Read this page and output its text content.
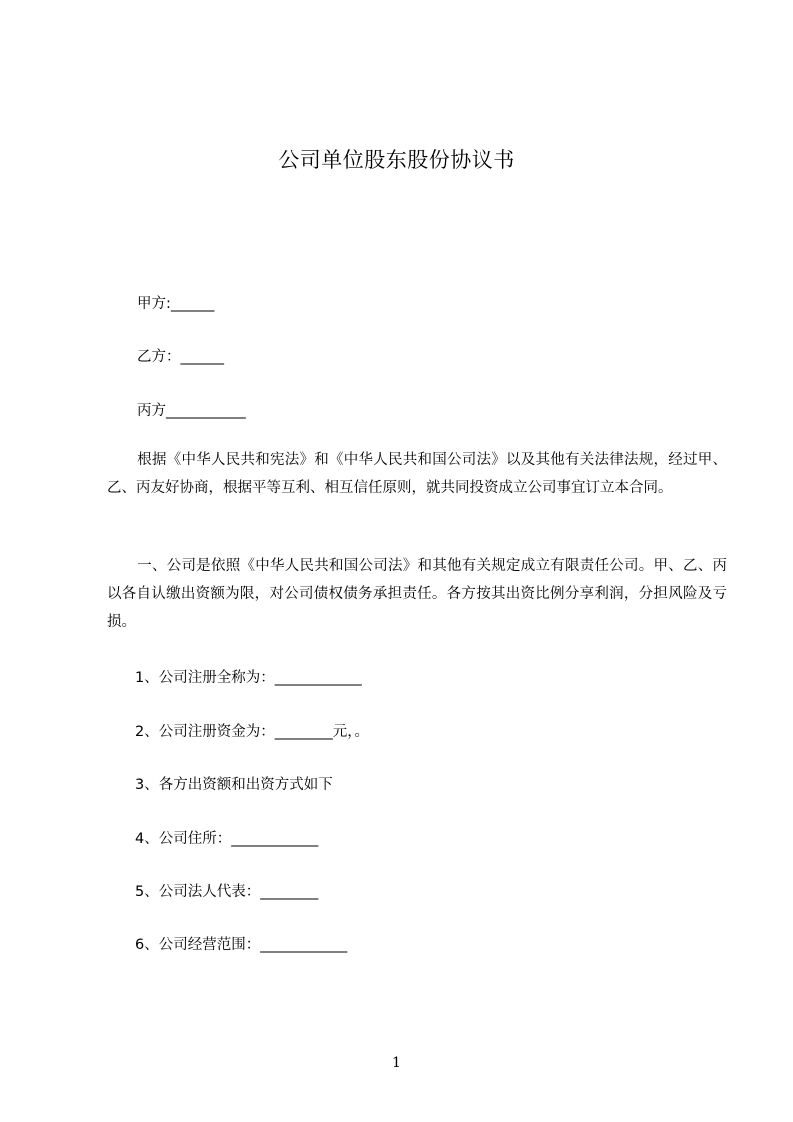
公司单位股东股份协议书
甲方:______
乙方：______
丙方___________
根据《中华人民共和宪法》和《中华人民共和国公司法》以及其他有关法律法规，经过甲、乙、丙友好协商，根据平等互利、相互信任原则，就共同投资成立公司事宜订立本合同。
一、公司是依照《中华人民共和国公司法》和其他有关规定成立有限责任公司。甲、乙、丙以各自认缴出资额为限，对公司债权债务承担责任。各方按其出资比例分享利润，分担风险及亏损。
1、公司注册全称为：____________
2、公司注册资金为：________元，。
3、各方出资额和出资方式如下
4、公司住所：____________
5、公司法人代表：________
6、公司经营范围：____________
1
